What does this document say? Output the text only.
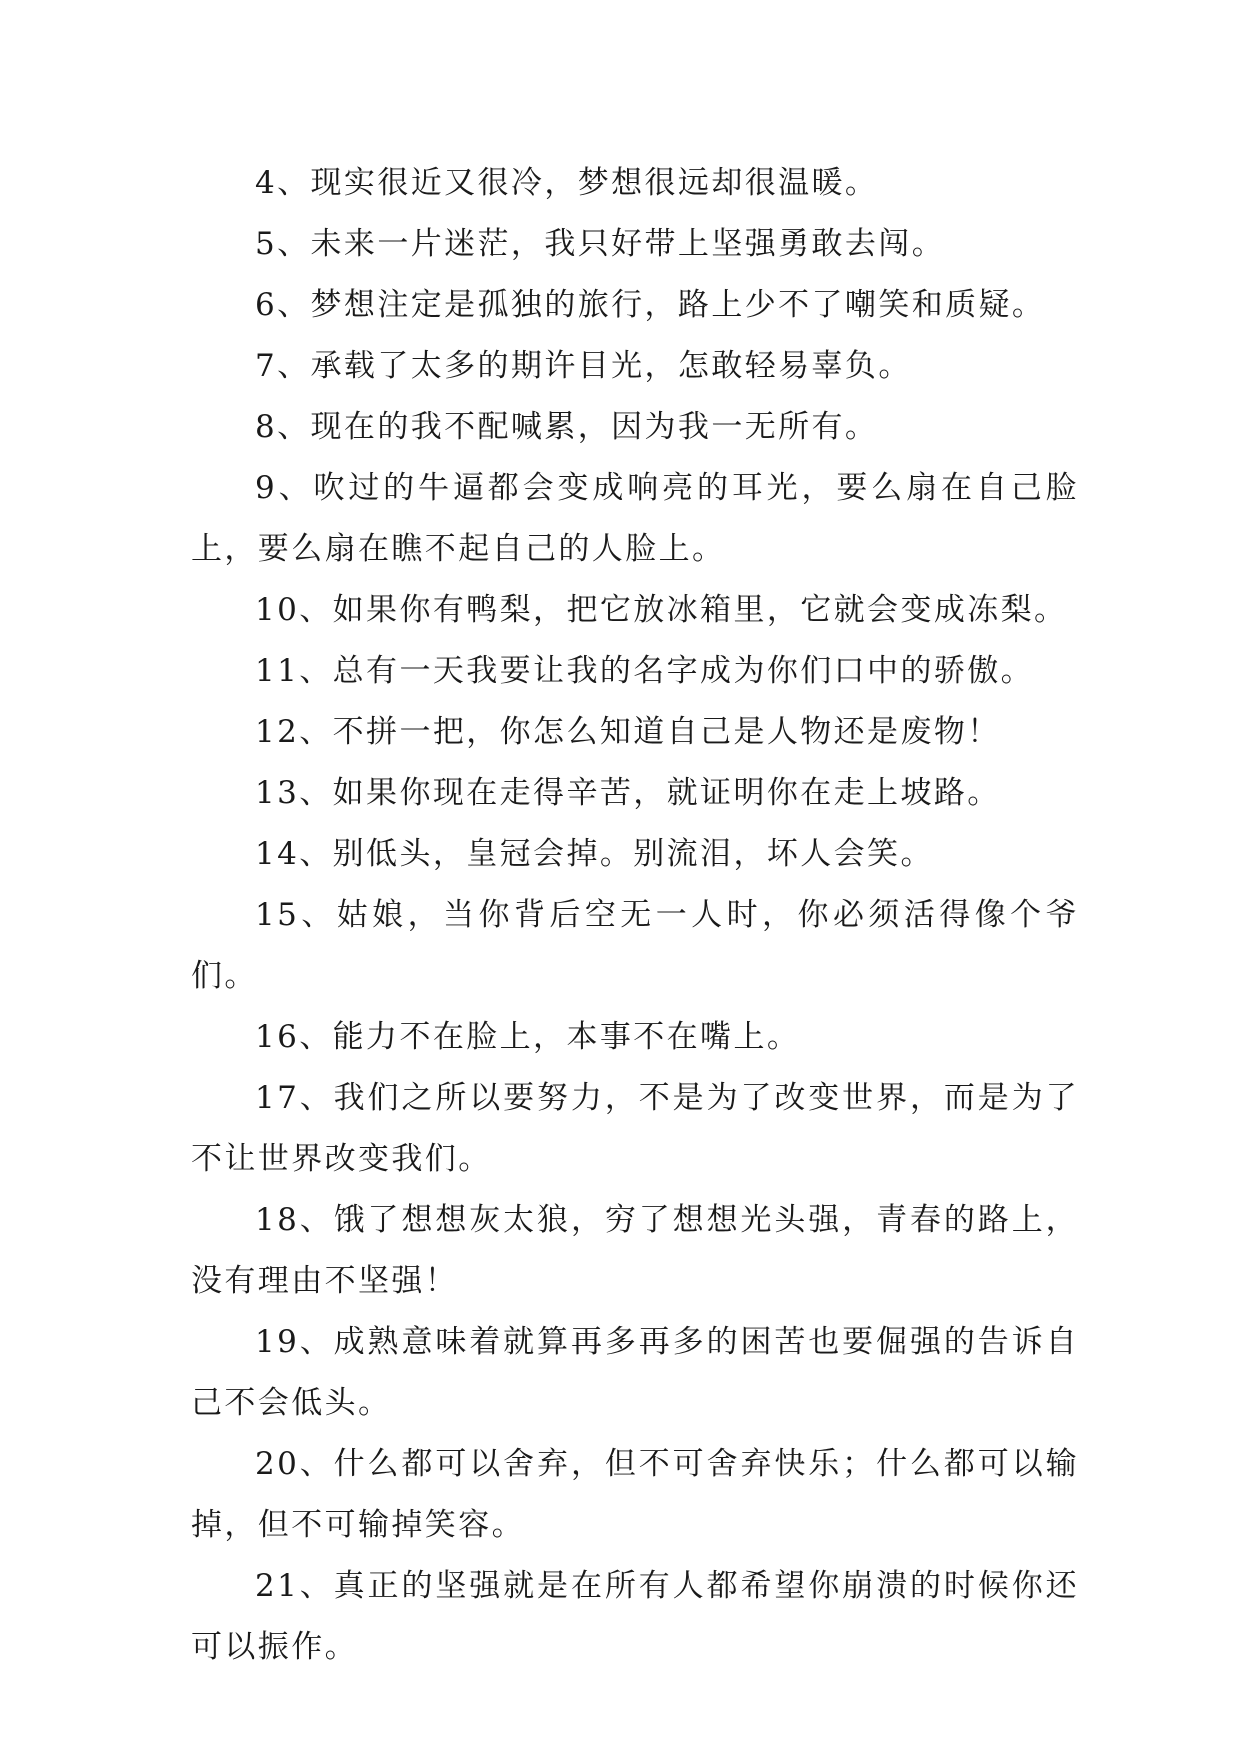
4、现实很近又很冷，梦想很远却很温暖。

5、未来一片迷茫，我只好带上坚强勇敢去闯。

6、梦想注定是孤独的旅行，路上少不了嘲笑和质疑。

7、承载了太多的期许目光，怎敢轻易辜负。

8、现在的我不配喊累，因为我一无所有。

9、吹过的牛逼都会变成响亮的耳光，要么扇在自己脸上，要么扇在瞧不起自己的人脸上。

10、如果你有鸭梨，把它放冰箱里，它就会变成冻梨。

11、总有一天我要让我的名字成为你们口中的骄傲。

12、不拼一把，你怎么知道自己是人物还是废物！

13、如果你现在走得辛苦，就证明你在走上坡路。

14、别低头，皇冠会掉。别流泪，坏人会笑。

15、姑娘，当你背后空无一人时，你必须活得像个爷们。

16、能力不在脸上，本事不在嘴上。

17、我们之所以要努力，不是为了改变世界，而是为了不让世界改变我们。

18、饿了想想灰太狼，穷了想想光头强，青春的路上，没有理由不坚强！

19、成熟意味着就算再多再多的困苦也要倔强的告诉自己不会低头。

20、什么都可以舍弃，但不可舍弃快乐；什么都可以输掉，但不可输掉笑容。

21、真正的坚强就是在所有人都希望你崩溃的时候你还可以振作。
